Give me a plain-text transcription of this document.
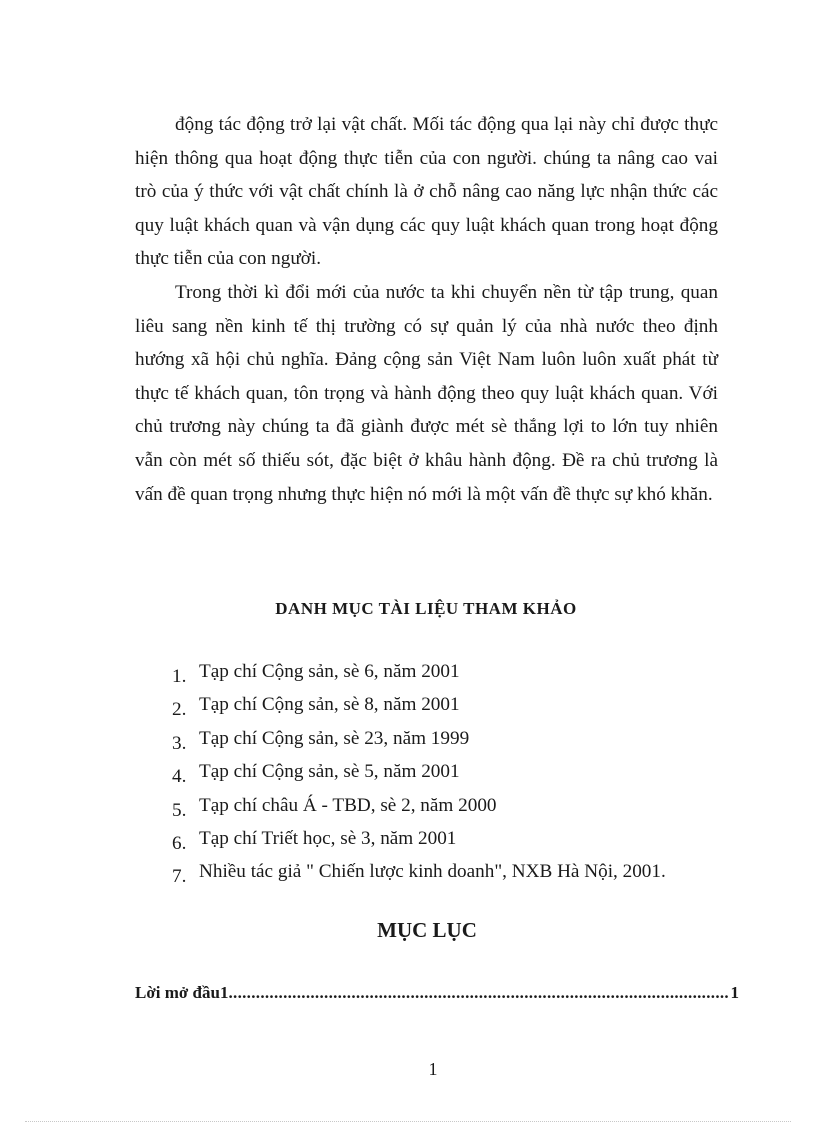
động tác động trở lại vật chất. Mối tác động qua lại này chỉ được thực hiện thông qua hoạt động thực tiễn của con người. chúng ta nâng cao vai trò của ý thức với vật chất chính là ở chỗ nâng cao năng lực nhận thức các quy luật khách quan và vận dụng các quy luật khách quan trong hoạt động thực tiễn của con người.

Trong thời kì đổi mới của nước ta khi chuyển nền từ tập trung, quan liêu sang nền kinh tế thị trường có sự quản lý của nhà nước theo định hướng xã hội chủ nghĩa. Đảng cộng sản Việt Nam luôn luôn xuất phát từ thực tế khách quan, tôn trọng và hành động theo quy luật khách quan. Với chủ trương này chúng ta đã giành được mét sè thắng lợi to lớn tuy nhiên vẫn còn mét số thiếu sót, đặc biệt ở khâu hành động. Đề ra chủ trương là vấn đề quan trọng nhưng thực hiện nó mới là một vấn đề thực sự khó khăn.

DANH MỤC TÀI LIỆU THAM KHẢO
1. Tạp chí Cộng sản, sè 6, năm 2001
2. Tạp chí Cộng sản, sè 8, năm 2001
3. Tạp chí Cộng sản, sè 23, năm 1999
4. Tạp chí Cộng sản, sè 5, năm 2001
5. Tạp chí châu Á - TBD, sè 2, năm 2000
6. Tạp chí Triết học, sè 3, năm 2001
7. Nhiều tác giả " Chiến lược kinh doanh", NXB Hà Nội, 2001.
MỤC LỤC
Lời mở đầu1 .............................................................................................................. 1
1
